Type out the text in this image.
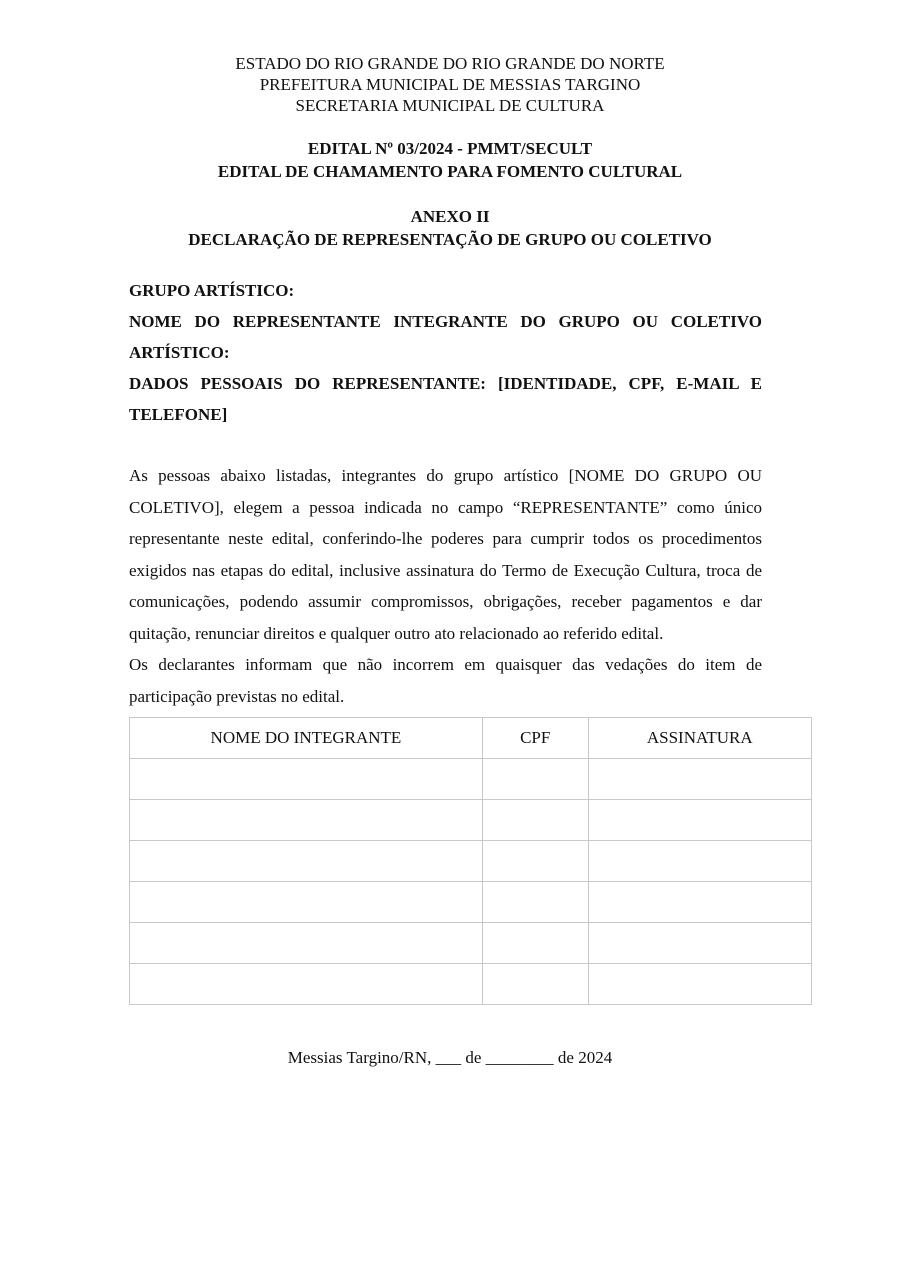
ESTADO DO RIO GRANDE DO RIO GRANDE DO NORTE
PREFEITURA MUNICIPAL DE MESSIAS TARGINO
SECRETARIA MUNICIPAL DE CULTURA
EDITAL Nº 03/2024 - PMMT/SECULT
EDITAL DE CHAMAMENTO PARA FOMENTO CULTURAL
ANEXO II
DECLARAÇÃO DE REPRESENTAÇÃO DE GRUPO OU COLETIVO
GRUPO ARTÍSTICO:
NOME DO REPRESENTANTE INTEGRANTE DO GRUPO OU COLETIVO ARTÍSTICO:
DADOS PESSOAIS DO REPRESENTANTE: [IDENTIDADE, CPF, E-MAIL E TELEFONE]

As pessoas abaixo listadas, integrantes do grupo artístico [NOME DO GRUPO OU COLETIVO], elegem a pessoa indicada no campo “REPRESENTANTE” como único representante neste edital, conferindo-lhe poderes para cumprir todos os procedimentos exigidos nas etapas do edital, inclusive assinatura do Termo de Execução Cultura, troca de comunicações, podendo assumir compromissos, obrigações, receber pagamentos e dar quitação, renunciar direitos e qualquer outro ato relacionado ao referido edital.

Os declarantes informam que não incorrem em quaisquer das vedações do item de participação previstas no edital.

NOME DO INTEGRANTE	CPF	ASSINATURA

Messias Targino/RN, ___ de ________ de 2024
